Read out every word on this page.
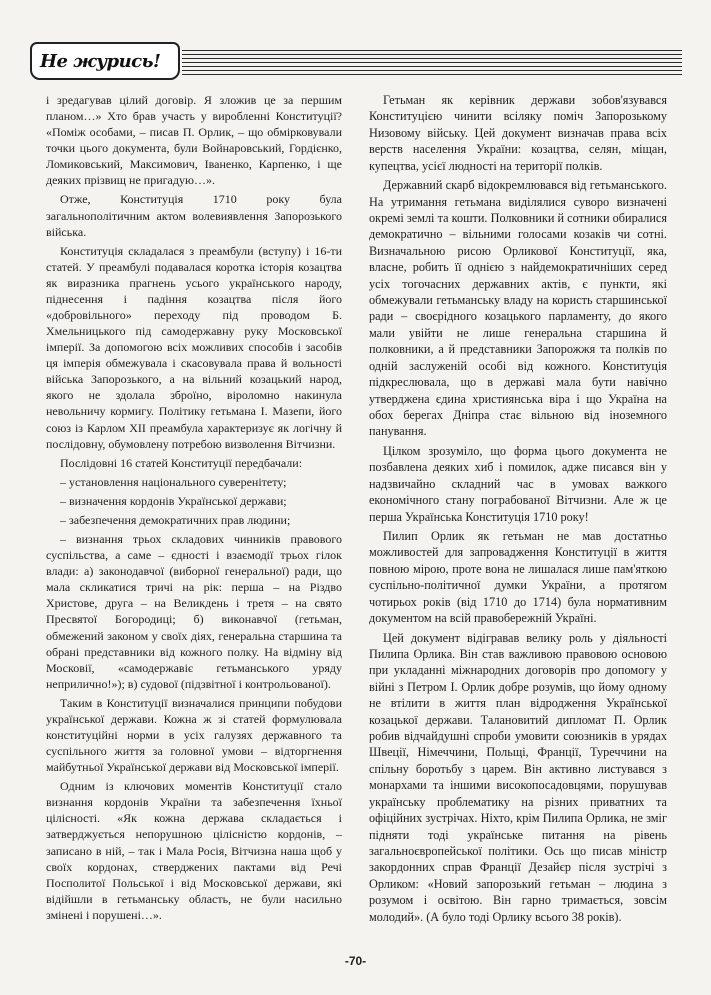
Не журись!

і зредагував цілий договір. Я зложив це за першим планом…» Хто брав участь у виробленні Конституції? «Поміж особами, – писав П. Орлик, – що обмірковували точки цього документа, були Войнаровський, Гордієнко, Ломиковський, Максимович, Іваненко, Карпенко, і ще деяких прізвищ не пригадую…».

Отже, Конституція 1710 року була загальнополітичним актом волевиявлення Запорозького війська.

Конституція складалася з преамбули (вступу) і 16-ти статей. У преамбулі подавалася коротка історія козацтва як виразника прагнень усього українського народу, піднесення і падіння козацтва після його «добровільного» переходу під проводом Б. Хмельницького під самодержавну руку Московської імперії. За допомогою всіх можливих способів і засобів ця імперія обмежувала і скасовувала права й вольності війська Запорозького, а на вільний козацький народ, якого не здолала зброїно, віроломно накинула невольничу кормигу. Політику гетьмана І. Мазепи, його союз із Карлом XII преамбула характеризує як логічну й послідовну, обумовлену потребою визволення Вітчизни.

Послідовні 16 статей Конституції передбачали:

– установлення національного суверенітету;

– визначення кордонів Української держави;

– забезпечення демократичних прав людини;

– визнання трьох складових чинників правового суспільства, а саме – єдності і взаємодії трьох гілок влади: а) законодавчої (виборної генеральної) ради, що мала скликатися тричі на рік: перша – на Різдво Христове, друга – на Великдень і третя – на свято Пресвятої Богородиці; б) виконавчої (гетьман, обмежений законом у своїх діях, генеральна старшина та обрані представники від кожного полку. На відміну від Московії, «самодержавіє гетьманського уряду неприлично!»); в) судової (підзвітної і контрольованої).

Таким в Конституції визначалися принципи побудови української держави. Кожна ж зі статей формулювала конституційні норми в усіх галузях державного та суспільного життя за головної умови – відторгнення майбутньої Української держави від Московської імперії.

Одним із ключових моментів Конституції стало визнання кордонів України та забезпечення їхньої цілісності. «Як кожна держава складається і затверджується непорушною цілісністю кордонів, – записано в ній, – так і Мала Росія, Вітчизна наша щоб у своїх кордонах, стверджених пактами від Речі Посполитої Польської і від Московської держави, які відійшли в гетьманську область, не були насильно змінені і порушені…».

Гетьман як керівник держави зобов'язувався Конституцією чинити всіляку поміч Запорозькому Низовому війську. Цей документ визначав права всіх верств населення України: козацтва, селян, міщан, купецтва, усієї людності на території полків.

Державний скарб відокремлювався від гетьманського. На утримання гетьмана виділялися суворо визначені окремі землі та кошти. Полковники й сотники обиралися демократично – вільними голосами козаків чи сотні. Визначальною рисою Орликової Конституції, яка, власне, робить її однією з найдемократичніших серед усіх тогочасних державних актів, є пункти, які обмежували гетьманську владу на користь старшинської ради – своєрідного козацького парламенту, до якого мали увійти не лише генеральна старшина й полковники, а й представники Запорожжя та полків по одній заслуженій особі від кожного. Конституція підкреслювала, що в державі мала бути навічно утверджена єдина християнська віра і що Україна на обох берегах Дніпра стає вільною від іноземного панування.

Цілком зрозуміло, що форма цього документа не позбавлена деяких хиб і помилок, адже писався він у надзвичайно складний час в умовах важкого економічного стану пограбованої Вітчизни. Але ж це перша Українська Конституція 1710 року!

Пилип Орлик як гетьман не мав достатньо можливостей для запровадження Конституції в життя повною мірою, проте вона не лишалася лише пам'яткою суспільно-політичної думки України, а протягом чотирьох років (від 1710 до 1714) була нормативним документом на всій правобережній Україні.

Цей документ відігравав велику роль у діяльності Пилипа Орлика. Він став важливою правовою основою при укладанні міжнародних договорів про допомогу у війні з Петром I. Орлик добре розумів, що йому одному не втілити в життя план відродження Української козацької держави. Талановитий дипломат П. Орлик робив відчайдушні спроби умовити союзників в урядах Швеції, Німеччини, Польщі, Франції, Туреччини на спільну боротьбу з царем. Він активно листувався з монархами та іншими високопосадовцями, порушував українську проблематику на різних приватних та офіційних зустрічах. Ніхто, крім Пилипа Орлика, не зміг підняти тоді українське питання на рівень загальноєвропейської політики. Ось що писав міністр закордонних справ Франції Дезайєр після зустрічі з Орликом: «Новий запорозький гетьман – людина з розумом і освітою. Він гарно тримається, зовсім молодий». (А було тоді Орлику всього 38 років).

-70-
